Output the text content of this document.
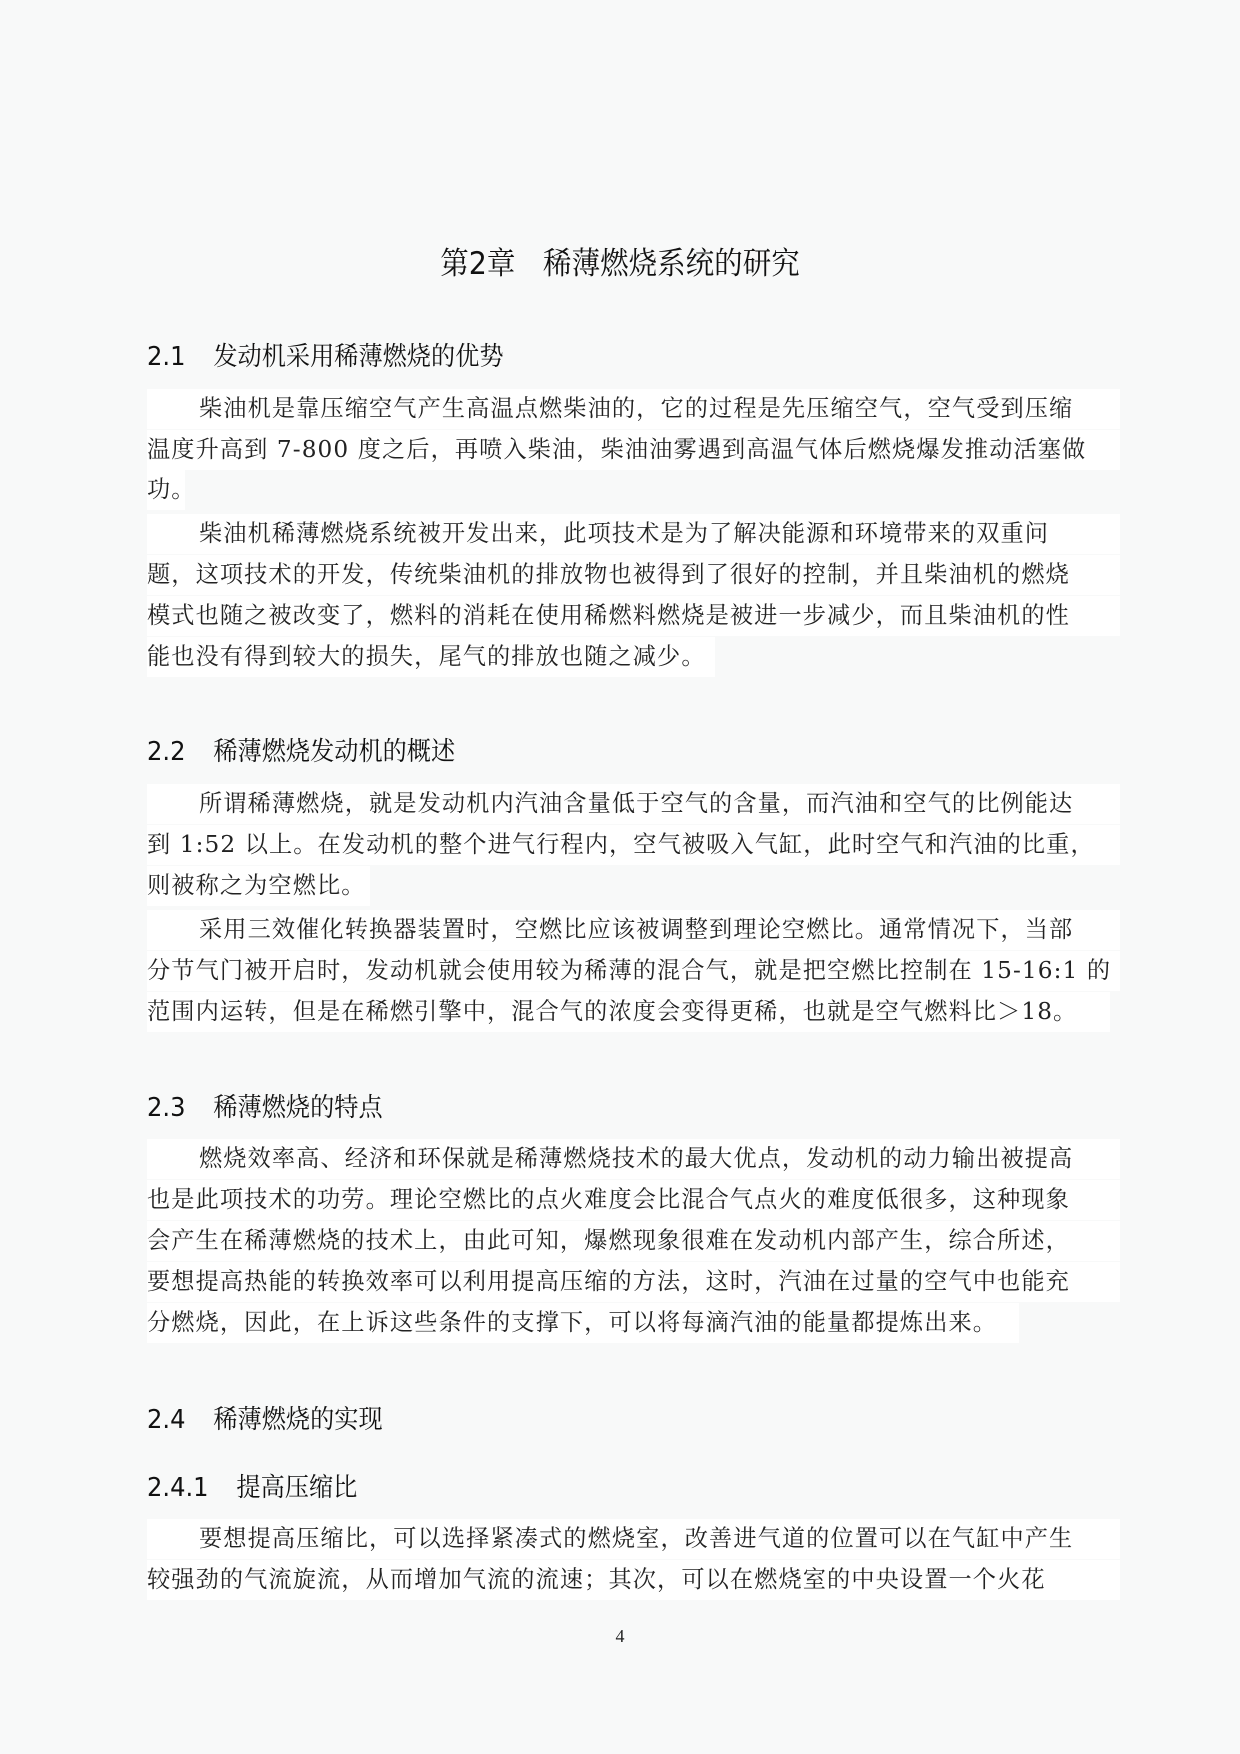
第2章 稀薄燃烧系统的研究
2.1 发动机采用稀薄燃烧的优势
柴油机是靠压缩空气产生高温点燃柴油的，它的过程是先压缩空气，空气受到压缩
温度升高到 7-800 度之后，再喷入柴油，柴油油雾遇到高温气体后燃烧爆发推动活塞做
功。
柴油机稀薄燃烧系统被开发出来，此项技术是为了解决能源和环境带来的双重问
题，这项技术的开发，传统柴油机的排放物也被得到了很好的控制，并且柴油机的燃烧
模式也随之被改变了，燃料的消耗在使用稀燃料燃烧是被进一步减少，而且柴油机的性
能也没有得到较大的损失，尾气的排放也随之减少。
2.2 稀薄燃烧发动机的概述
所谓稀薄燃烧，就是发动机内汽油含量低于空气的含量，而汽油和空气的比例能达
到 1:52 以上。在发动机的整个进气行程内，空气被吸入气缸，此时空气和汽油的比重，
则被称之为空燃比。
采用三效催化转换器装置时，空燃比应该被调整到理论空燃比。通常情况下，当部
分节气门被开启时，发动机就会使用较为稀薄的混合气，就是把空燃比控制在 15-16:1 的
范围内运转，但是在稀燃引擎中，混合气的浓度会变得更稀，也就是空气燃料比＞18。
2.3 稀薄燃烧的特点
燃烧效率高、经济和环保就是稀薄燃烧技术的最大优点，发动机的动力输出被提高
也是此项技术的功劳。理论空燃比的点火难度会比混合气点火的难度低很多，这种现象
会产生在稀薄燃烧的技术上，由此可知，爆燃现象很难在发动机内部产生，综合所述，
要想提高热能的转换效率可以利用提高压缩的方法，这时，汽油在过量的空气中也能充
分燃烧，因此，在上诉这些条件的支撑下，可以将每滴汽油的能量都提炼出来。
2.4 稀薄燃烧的实现
2.4.1 提高压缩比
要想提高压缩比，可以选择紧凑式的燃烧室，改善进气道的位置可以在气缸中产生
较强劲的气流旋流，从而增加气流的流速；其次，可以在燃烧室的中央设置一个火花
4
